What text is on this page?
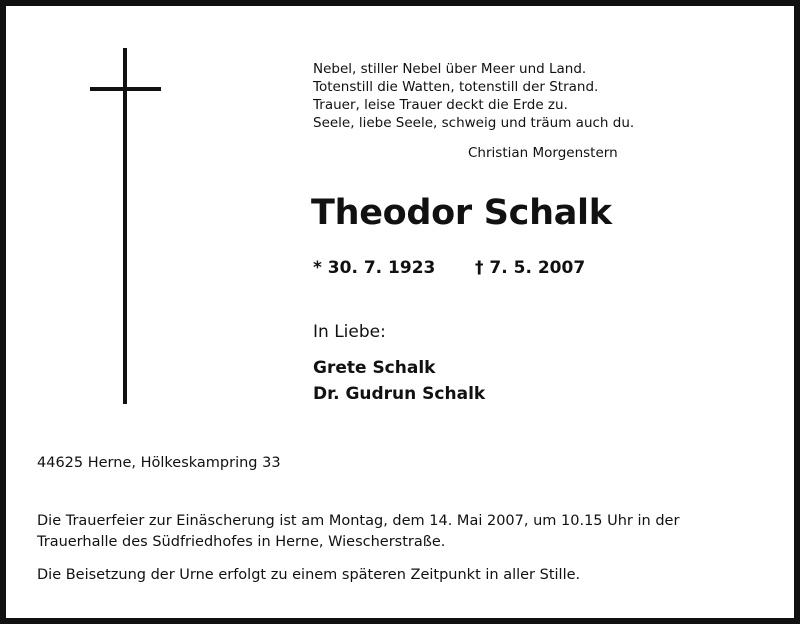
Nebel, stiller Nebel über Meer und Land.
Totenstill die Watten, totenstill der Strand.
Trauer, leise Trauer deckt die Erde zu.
Seele, liebe Seele, schweig und träum auch du.
Christian Morgenstern
Theodor Schalk
* 30. 7. 1923 † 7. 5. 2007
In Liebe:
Grete Schalk
Dr. Gudrun Schalk
44625 Herne, Hölkeskampring 33
Die Trauerfeier zur Einäscherung ist am Montag, dem 14. Mai 2007, um 10.15 Uhr in der
Trauerhalle des Südfriedhofes in Herne, Wiescherstraße.
Die Beisetzung der Urne erfolgt zu einem späteren Zeitpunkt in aller Stille.
